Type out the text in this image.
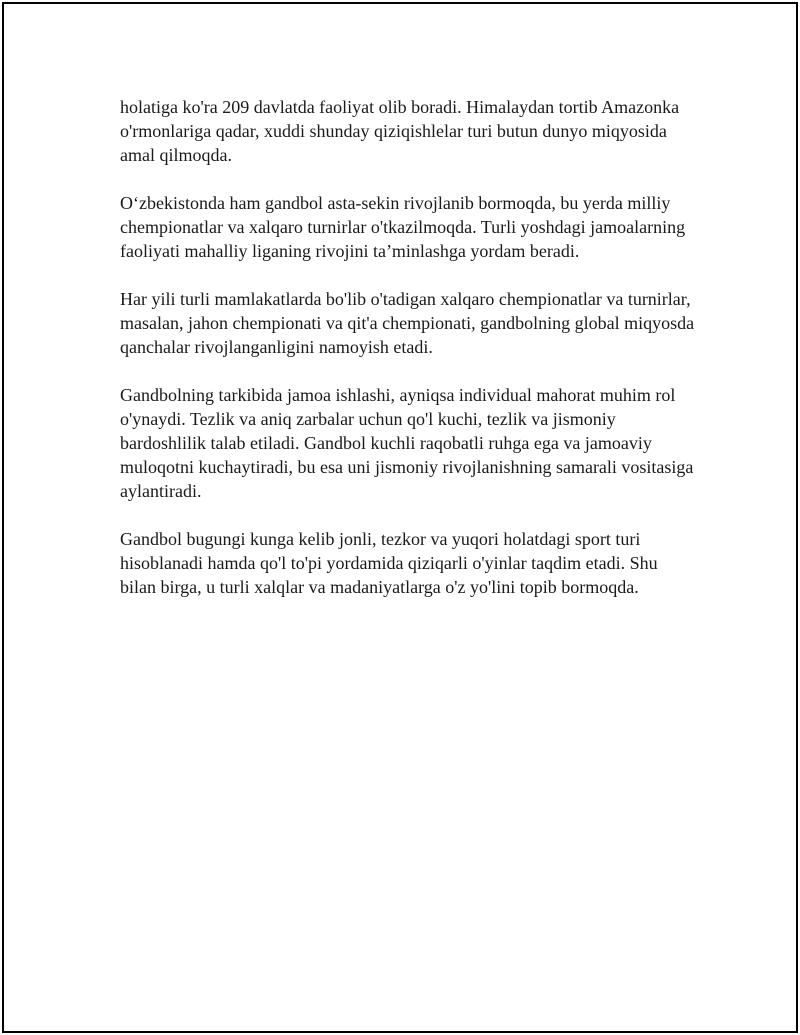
holatiga ko'ra 209 davlatda faoliyat olib boradi. Himalaydan tortib Amazonka o'rmonlariga qadar, xuddi shunday qiziqishlelar turi butun dunyo miqyosida amal qilmoqda.

O‘zbekistonda ham gandbol asta-sekin rivojlanib bormoqda, bu yerda milliy chempionatlar va xalqaro turnirlar o'tkazilmoqda. Turli yoshdagi jamoalarning faoliyati mahalliy liganing rivojini ta’minlashga yordam beradi.

Har yili turli mamlakatlarda bo'lib o'tadigan xalqaro chempionatlar va turnirlar, masalan, jahon chempionati va qit'a chempionati, gandbolning global miqyosda qanchalar rivojlanganligini namoyish etadi.

Gandbolning tarkibida jamoa ishlashi, ayniqsa individual mahorat muhim rol o'ynaydi. Tezlik va aniq zarbalar uchun qo'l kuchi, tezlik va jismoniy bardoshlilik talab etiladi. Gandbol kuchli raqobatli ruhga ega va jamoaviy muloqotni kuchaytiradi, bu esa uni jismoniy rivojlanishning samarali vositasiga aylantiradi.

Gandbol bugungi kunga kelib jonli, tezkor va yuqori holatdagi sport turi hisoblanadi hamda qo'l to'pi yordamida qiziqarli o'yinlar taqdim etadi. Shu bilan birga, u turli xalqlar va madaniyatlarga o'z yo'lini topib bormoqda.
